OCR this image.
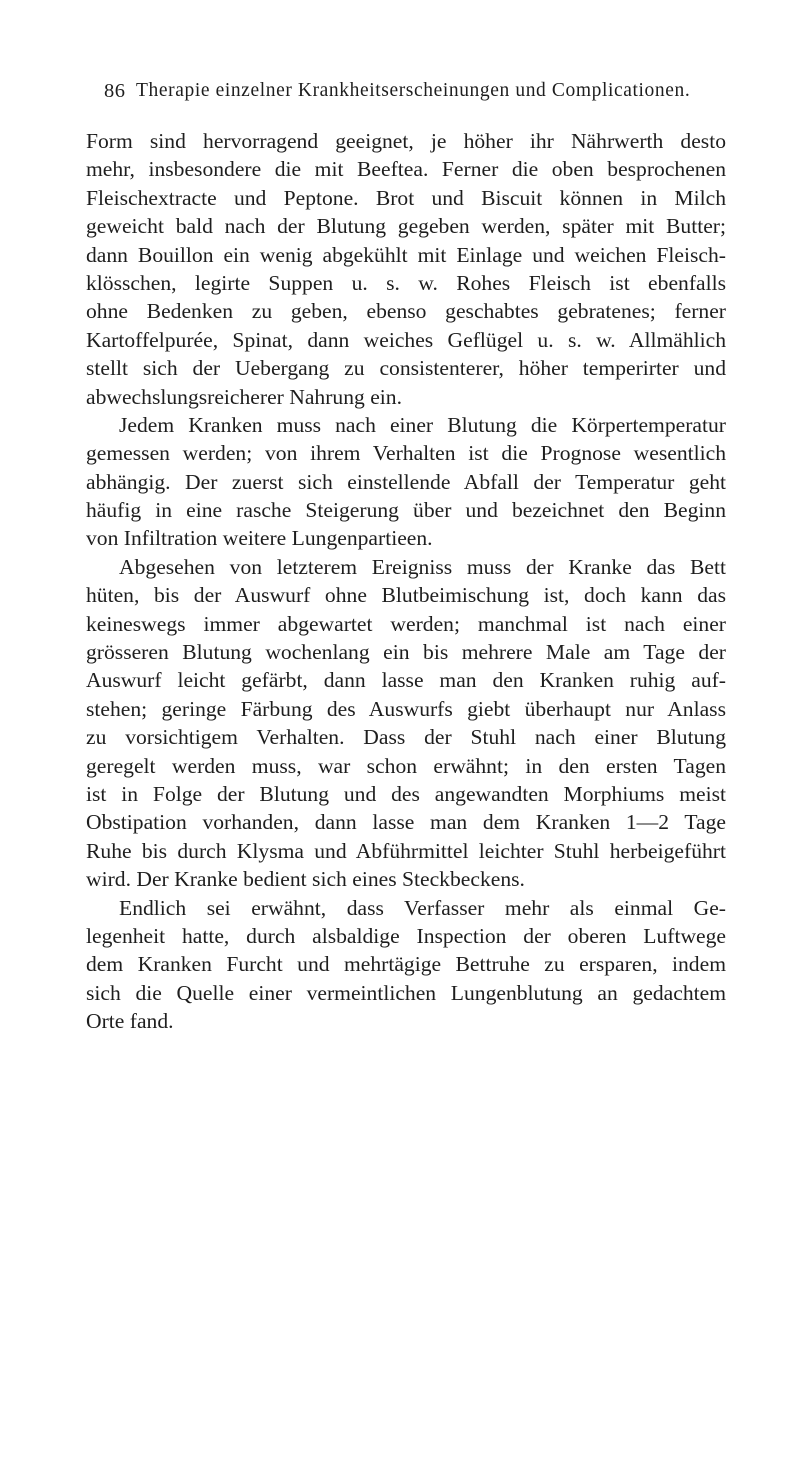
86 Therapie einzelner Krankheitserscheinungen und Complicationen.
Form sind hervorragend geeignet, je höher ihr Nährwerth desto
mehr, insbesondere die mit Beeftea. Ferner die oben besprochenen
Fleischextracte und Peptone. Brot und Biscuit können in Milch
geweicht bald nach der Blutung gegeben werden, später mit Butter;
dann Bouillon ein wenig abgekühlt mit Einlage und weichen Fleisch-
klösschen, legirte Suppen u. s. w. Rohes Fleisch ist ebenfalls
ohne Bedenken zu geben, ebenso geschabtes gebratenes; ferner
Kartoffelpurée, Spinat, dann weiches Geflügel u. s. w. Allmählich
stellt sich der Uebergang zu consistenterer, höher temperirter und
abwechslungsreicherer Nahrung ein.
Jedem Kranken muss nach einer Blutung die Körpertemperatur
gemessen werden; von ihrem Verhalten ist die Prognose wesentlich
abhängig. Der zuerst sich einstellende Abfall der Temperatur geht
häufig in eine rasche Steigerung über und bezeichnet den Beginn
von Infiltration weitere Lungenpartieen.
Abgesehen von letzterem Ereigniss muss der Kranke das Bett
hüten, bis der Auswurf ohne Blutbeimischung ist, doch kann das
keineswegs immer abgewartet werden; manchmal ist nach einer
grösseren Blutung wochenlang ein bis mehrere Male am Tage der
Auswurf leicht gefärbt, dann lasse man den Kranken ruhig auf-
stehen; geringe Färbung des Auswurfs giebt überhaupt nur Anlass
zu vorsichtigem Verhalten. Dass der Stuhl nach einer Blutung
geregelt werden muss, war schon erwähnt; in den ersten Tagen
ist in Folge der Blutung und des angewandten Morphiums meist
Obstipation vorhanden, dann lasse man dem Kranken 1—2 Tage
Ruhe bis durch Klysma und Abführmittel leichter Stuhl herbeigeführt
wird. Der Kranke bedient sich eines Steckbeckens.
Endlich sei erwähnt, dass Verfasser mehr als einmal Ge-
legenheit hatte, durch alsbaldige Inspection der oberen Luftwege
dem Kranken Furcht und mehrtägige Bettruhe zu ersparen, indem
sich die Quelle einer vermeintlichen Lungenblutung an gedachtem
Orte fand.
